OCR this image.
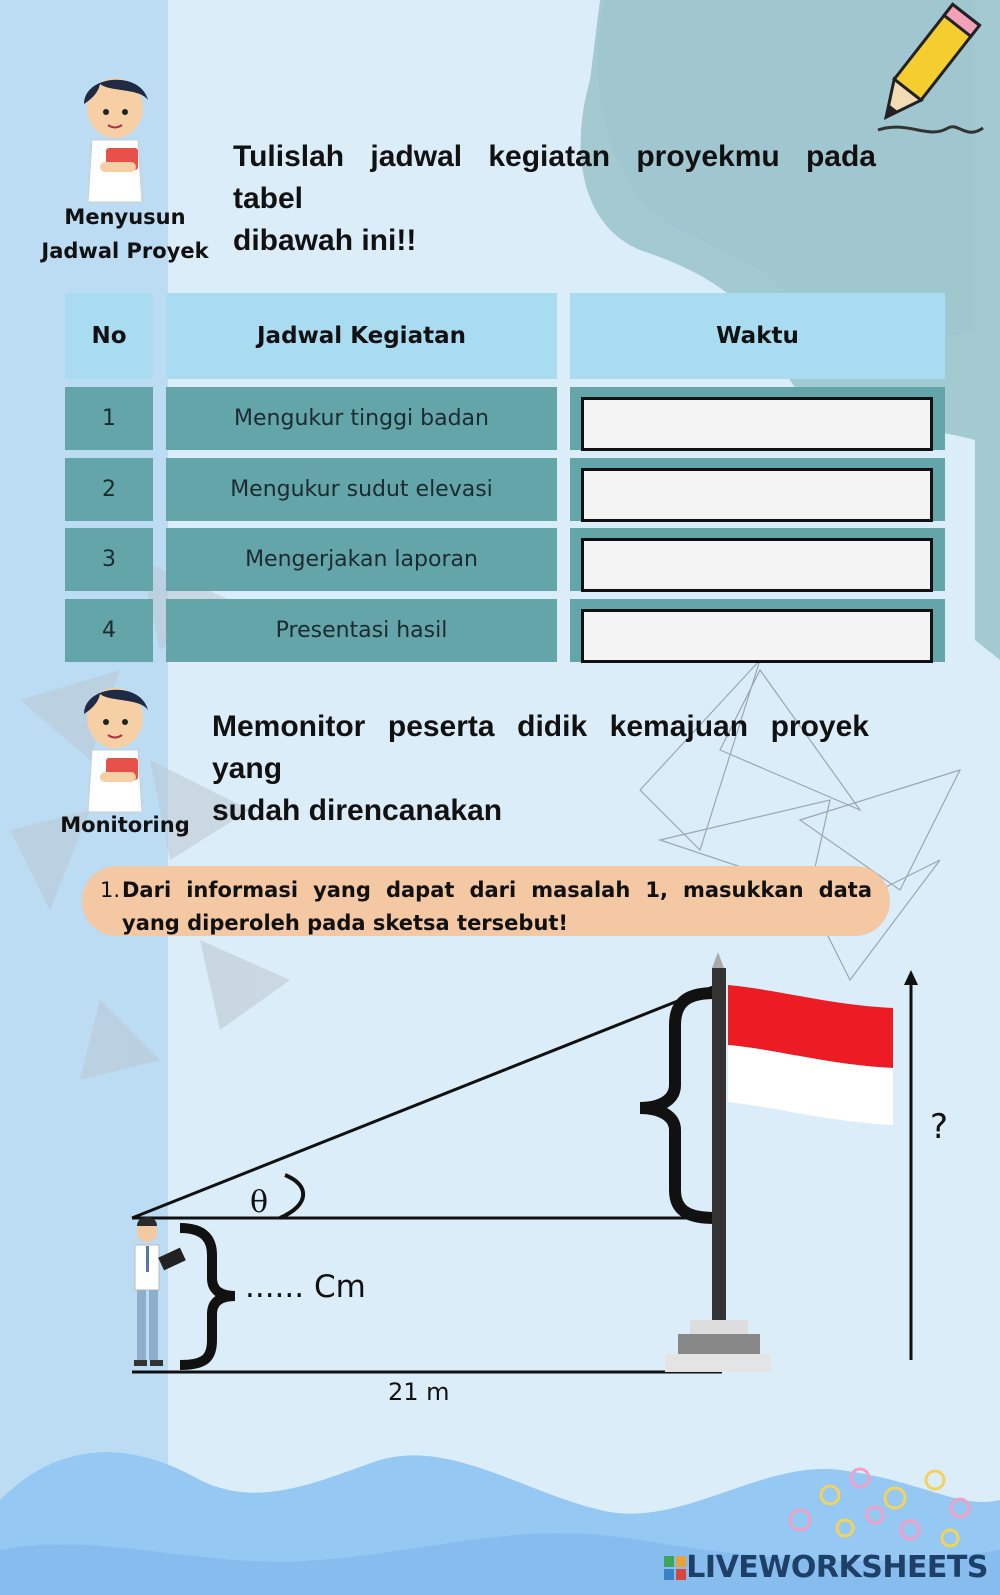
Menyusun Jadwal Proyek
Tulislah jadwal kegiatan proyekmu pada tabel
dibawah ini!!
No	Jadwal Kegiatan	Waktu
1	Mengukur tinggi badan
2	Mengukur sudut elevasi
3	Mengerjakan laporan
4	Presentasi hasil
Monitoring
Memonitor peserta didik kemajuan proyek yang
sudah direncanakan
1. Dari informasi yang dapat dari masalah 1, masukkan data yang diperoleh pada sketsa tersebut!
θ
...... Cm
21 m
?
LIVEWORKSHEETS
